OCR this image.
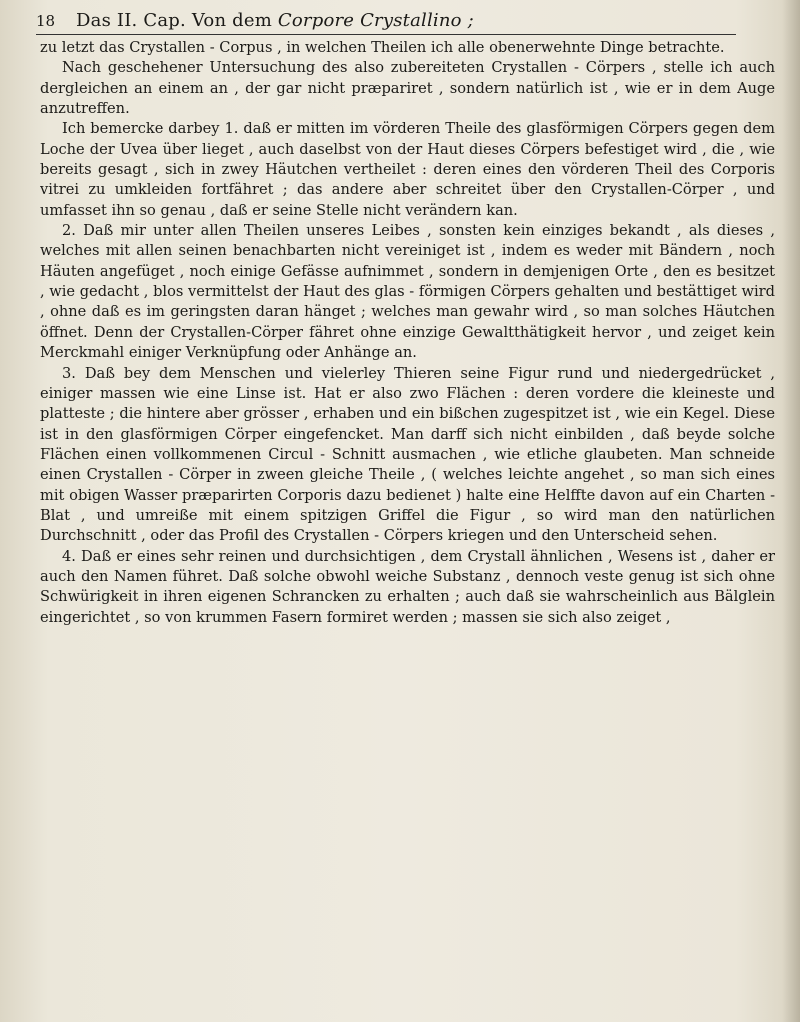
18	Das II. Cap. Von dem Corpore Crystallino ;

zu letzt das Crystallen - Corpus , in welchen Theilen ich alle obenerwehnte Dinge betrachte.

Nach geschehener Untersuchung des also zubereiteten Crystallen - Cörpers , stelle ich auch dergleichen an einem an , der gar nicht præpariret , sondern natürlich ist , wie er in dem Auge anzutreffen.

Ich bemercke darbey 1. daß er mitten im vörderen Theile des glasförmigen Cörpers gegen dem Loche der Uvea über lieget , auch daselbst von der Haut dieses Cörpers befestiget wird , die , wie bereits gesagt , sich in zwey Häutchen vertheilet : deren eines den vörderen Theil des Corporis vitrei zu umkleiden fortfähret ; das andere aber schreitet über den Crystallen-Cörper , und umfasset ihn so genau , daß er seine Stelle nicht verändern kan.

2. Daß mir unter allen Theilen unseres Leibes , sonsten kein einziges bekandt , als dieses , welches mit allen seinen benachbarten nicht vereiniget ist , indem es weder mit Bändern , noch Häuten angefüget , noch einige Gefässe aufnimmet , sondern in demjenigen Orte , den es besitzet , wie gedacht , blos vermittelst der Haut des glas - förmigen Cörpers gehalten und bestättiget wird , ohne daß es im geringsten daran hänget ; welches man gewahr wird , so man solches Häutchen öffnet. Denn der Crystallen-Cörper fähret ohne einzige Gewaltthätigkeit hervor , und zeiget kein Merckmahl einiger Verknüpfung oder Anhänge an.

3. Daß bey dem Menschen und vielerley Thieren seine Figur rund und niedergedrücket , einiger massen wie eine Linse ist. Hat er also zwo Flächen : deren vordere die kleineste und platteste ; die hintere aber grösser , erhaben und ein bißchen zugespitzet ist , wie ein Kegel. Diese ist in den glasförmigen Cörper eingefencket. Man darff sich nicht einbilden , daß beyde solche Flächen einen vollkommenen Circul - Schnitt ausmachen , wie etliche glaubeten. Man schneide einen Crystallen - Cörper in zween gleiche Theile , ( welches leichte angehet , so man sich eines mit obigen Wasser præparirten Corporis dazu bedienet ) halte eine Helffte davon auf ein Charten - Blat , und umreiße mit einem spitzigen Griffel die Figur , so wird man den natürlichen Durchschnitt , oder das Profil des Crystallen - Cörpers kriegen und den Unterscheid sehen.

4. Daß er eines sehr reinen und durchsichtigen , dem Crystall ähnlichen , Wesens ist , daher er auch den Namen führet. Daß solche obwohl weiche Substanz , dennoch veste genug ist sich ohne Schwürigkeit in ihren eigenen Schrancken zu erhalten ; auch daß sie wahrscheinlich aus Bälglein eingerichtet , so von krummen Fasern formiret werden ; massen sie sich also zeiget ,
